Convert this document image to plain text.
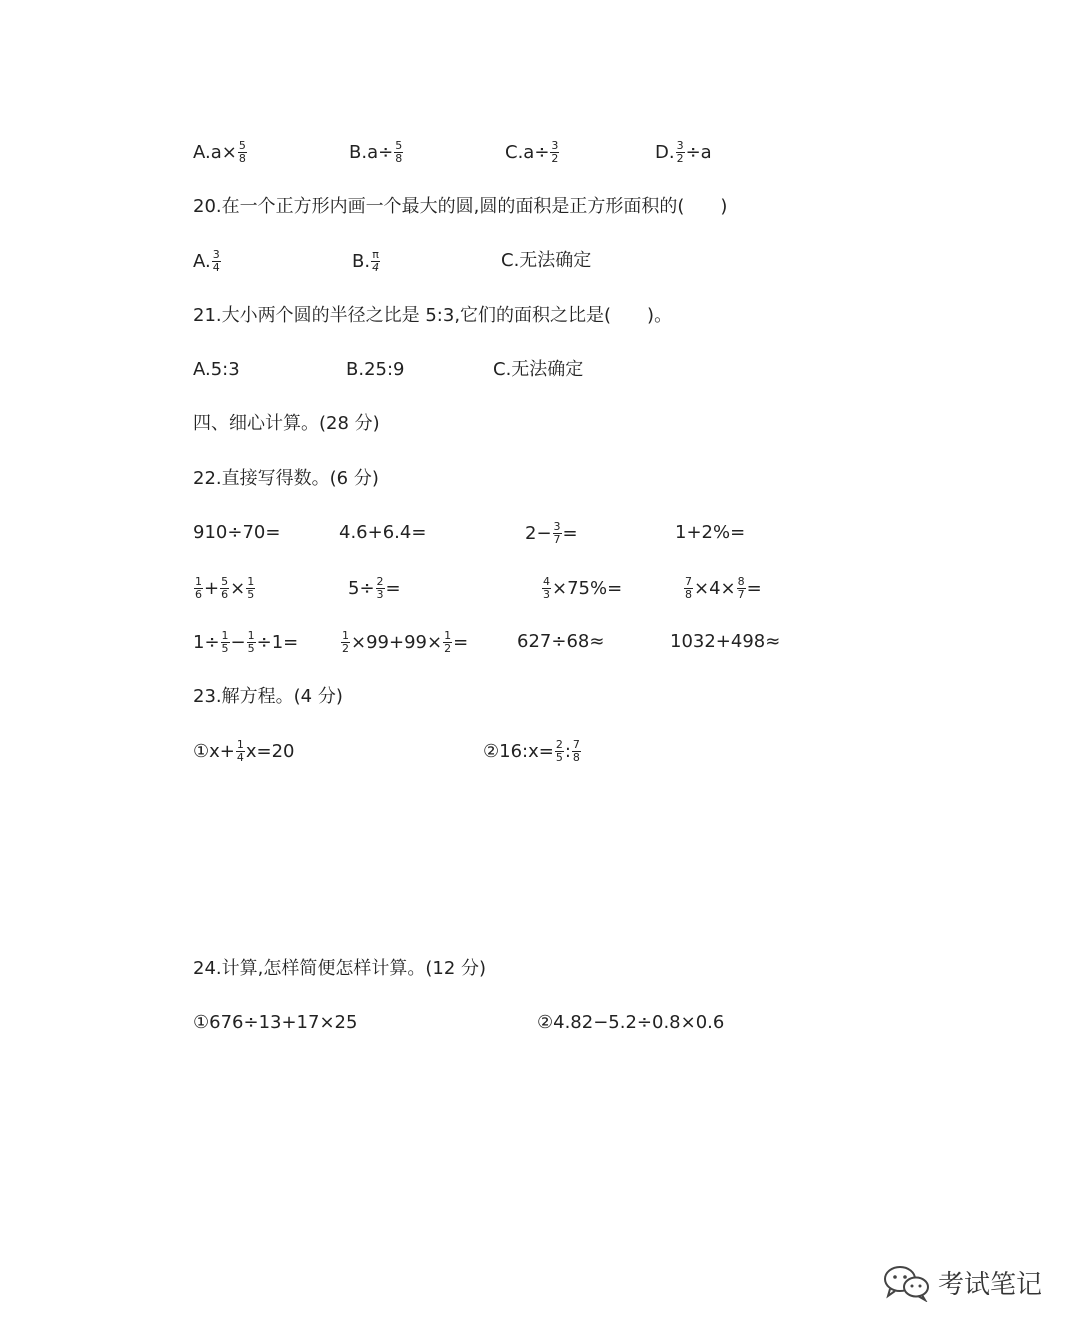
$A.a\times \frac{5}{8}$	$B.a\div \frac{5}{8}$	$C.a\div \frac{3}{2}$	D. $\frac{3}{2} \div a$
20.在一个正方形内画一个最大的圆,圆的面积是正方形面积的(　　)
A. $\frac{3}{4}$	B. $\frac{\pi}{4}$	C.无法确定
21.大小两个圆的半径之比是 5:3,它们的面积之比是(　　)。
A.5:3	B.25:9	C.无法确定
四、细心计算。(28 分)
22.直接写得数。(6 分)
910÷70=	4.6+6.4=	$2- \frac{3}{7}$ =	1+2%=
$\frac{1}{6} + \frac{5}{6} \times \frac{1}{5}$	$5\div \frac{2}{3}$ =	$\frac{4}{3} \times 75\%=$	$\frac{7}{8} \times 4\times \frac{8}{7}$ =
$1\div \frac{1}{5} - \frac{1}{5} \div 1=$	$\frac{1}{2} \times 99+99\times \frac{1}{2}$ =	627÷68≈	1032+498≈
23.解方程。(4 分)
①x+ $\frac{1}{4} x=20$	②16:x= $\frac{2}{5}$ : $\frac{7}{8}$
24.计算,怎样简便怎样计算。(12 分)
①676÷13+17×25	②4.82−5.2÷0.8×0.6
考试笔记
